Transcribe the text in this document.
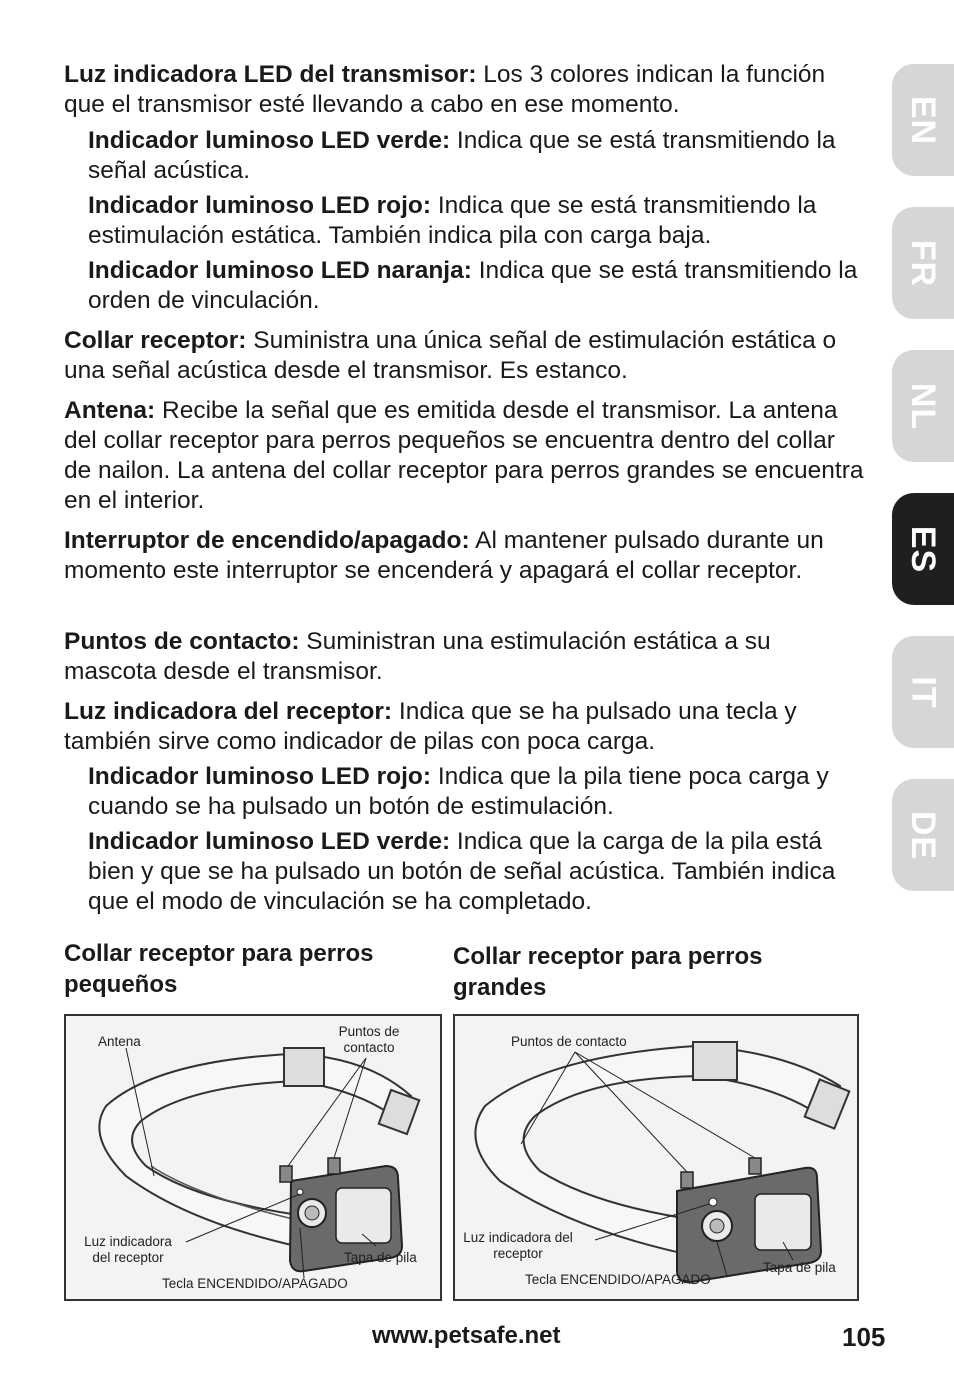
Luz indicadora LED del transmisor: Los 3 colores indican la función que el transmisor esté llevando a cabo en ese momento.
Indicador luminoso LED verde: Indica que se está transmitiendo la señal acústica.
Indicador luminoso LED rojo: Indica que se está transmitiendo la estimulación estática. También indica pila con carga baja.
Indicador luminoso LED naranja: Indica que se está transmitiendo la orden de vinculación.
Collar receptor: Suministra una única señal de estimulación estática o una señal acústica desde el transmisor. Es estanco.
Antena: Recibe la señal que es emitida desde el transmisor. La antena del collar receptor para perros pequeños se encuentra dentro del collar de nailon. La antena del collar receptor para perros grandes se encuentra en el interior.
Interruptor de encendido/apagado: Al mantener pulsado durante un momento este interruptor se encenderá y apagará el collar receptor.
Puntos de contacto: Suministran una estimulación estática a su mascota desde el transmisor.
Luz indicadora del receptor: Indica que se ha pulsado una tecla y también sirve como indicador de pilas con poca carga.
Indicador luminoso LED rojo: Indica que la pila tiene poca carga y cuando se ha pulsado un botón de estimulación.
Indicador luminoso LED verde: Indica que la carga de la pila está bien y que se ha pulsado un botón de señal acústica. También indica que el modo de vinculación se ha completado.
EN
FR
NL
ES
IT
DE
Collar receptor para perros pequeños
Collar receptor para perros grandes
Antena
Puntos de contacto
Luz indicadora del receptor	Tapa de pila
Tecla ENCENDIDO/APAGADO
Puntos de contacto
Luz indicadora del receptor
Tapa de pila
Tecla ENCENDIDO/APAGADO
www.petsafe.net	105
